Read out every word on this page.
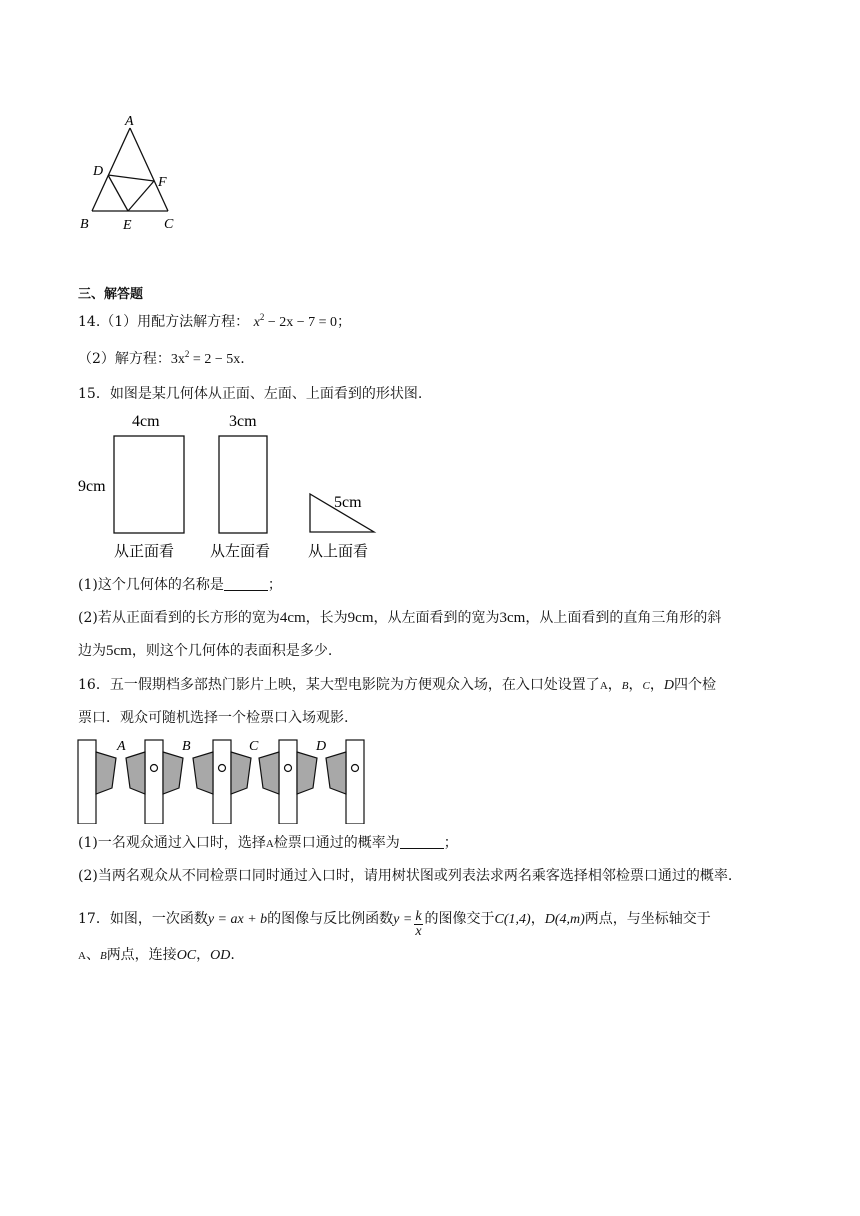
A
D
F
B E C
三、解答题
14.（1）用配方法解方程： $x^2 - 2x - 7 = 0$；
（2）解方程：$3x^2 = 2 - 5x$.
15．如图是某几何体从正面、左面、上面看到的形状图.
4cm	3cm
9cm
5cm
从正面看 从左面看	从上面看
(1)这个几何体的名称是	；
(2)若从正面看到的长方形的宽为4cm，长为9cm，从左面看到的宽为3cm，从上面看到的直角三角形的斜
边为5cm，则这个几何体的表面积是多少.
16．五一假期档多部热门影片上映，某大型电影院为方便观众入场，在入口处设置了A，B，C，D四个检
票口．观众可随机选择一个检票口入场观影.
A	B	C	D
(1)一名观众通过入口时，选择A检票口通过的概率为	；
(2)当两名观众从不同检票口同时通过入口时，请用树状图或列表法求两名乘客选择相邻检票口通过的概率.
17．如图，一次函数y = ax + b的图像与反比例函数$y = \frac{k}{x}$ 的图像交于C(1,4)，D(4,m)两点，与坐标轴交于
A、B两点，连接OC，OD.
